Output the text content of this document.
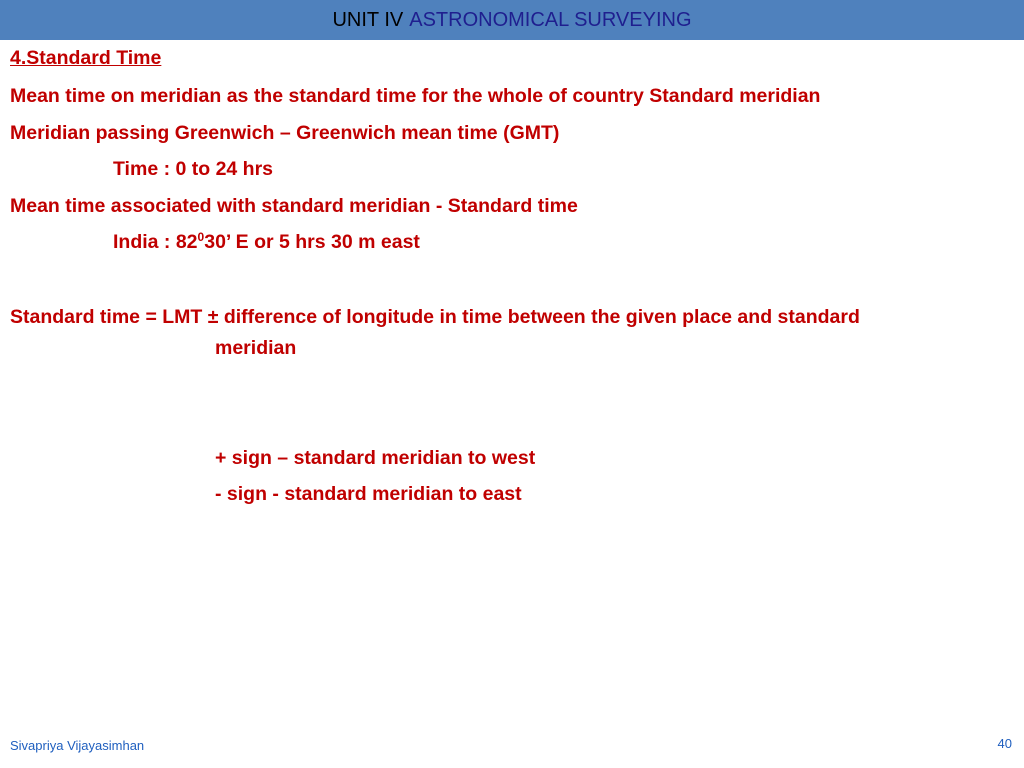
UNIT IV ASTRONOMICAL SURVEYING
4.Standard Time
Mean time on meridian as the standard time for the whole of country Standard meridian
Meridian passing Greenwich – Greenwich mean time (GMT)
Time : 0 to 24 hrs
Mean time associated with standard meridian - Standard time
India : $82^030$’ E or 5 hrs 30 m east
Standard time = LMT ± difference of longitude in time between the given place and standard
meridian
+ sign – standard meridian to west
- sign - standard meridian to east
Sivapriya Vijayasimhan	40
